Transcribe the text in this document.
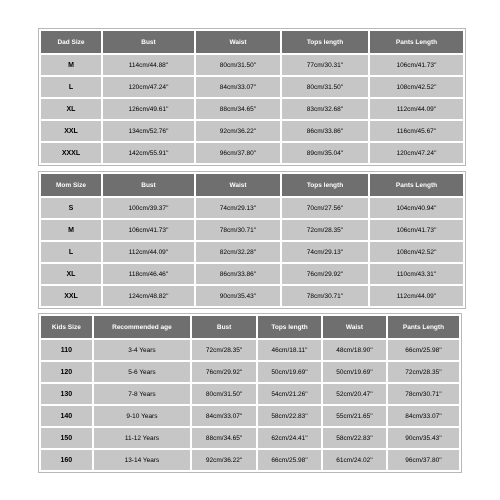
Dad Size	Bust	Waist	Tops length	Pants Length
M	114cm/44.88''	80cm/31.50''	77cm/30.31''	106cm/41.73''
L	120cm/47.24''	84cm/33.07''	80cm/31.50''	108cm/42.52''
XL	126cm/49.61''	88cm/34.65''	83cm/32.68''	112cm/44.09''
XXL	134cm/52.76''	92cm/36.22''	86cm/33.86''	116cm/45.67''
XXXL	142cm/55.91''	96cm/37.80''	89cm/35.04''	120cm/47.24''
Mom Size	Bust	Waist	Tops length	Pants Length
S	100cm/39.37''	74cm/29.13''	70cm/27.56''	104cm/40.94''
M	106cm/41.73''	78cm/30.71''	72cm/28.35''	106cm/41.73''
L	112cm/44.09''	82cm/32.28''	74cm/29.13''	108cm/42.52''
XL	118cm/46.46''	86cm/33.86''	76cm/29.92''	110cm/43.31''
XXL	124cm/48.82''	90cm/35.43''	78cm/30.71''	112cm/44.09''
Kids Size	Recommended age	Bust	Tops length	Waist	Pants Length
110	3-4 Years	72cm/28.35''	46cm/18.11''	48cm/18.90''	66cm/25.98''
120	5-6 Years	76cm/29.92''	50cm/19.69''	50cm/19.69''	72cm/28.35''
130	7-8 Years	80cm/31.50''	54cm/21.26''	52cm/20.47''	78cm/30.71''
140	9-10 Years	84cm/33.07''	58cm/22.83''	55cm/21.65''	84cm/33.07''
150	11-12 Years	88cm/34.65''	62cm/24.41''	58cm/22.83''	90cm/35.43''
160	13-14 Years	92cm/36.22''	66cm/25.98''	61cm/24.02''	96cm/37.80''
